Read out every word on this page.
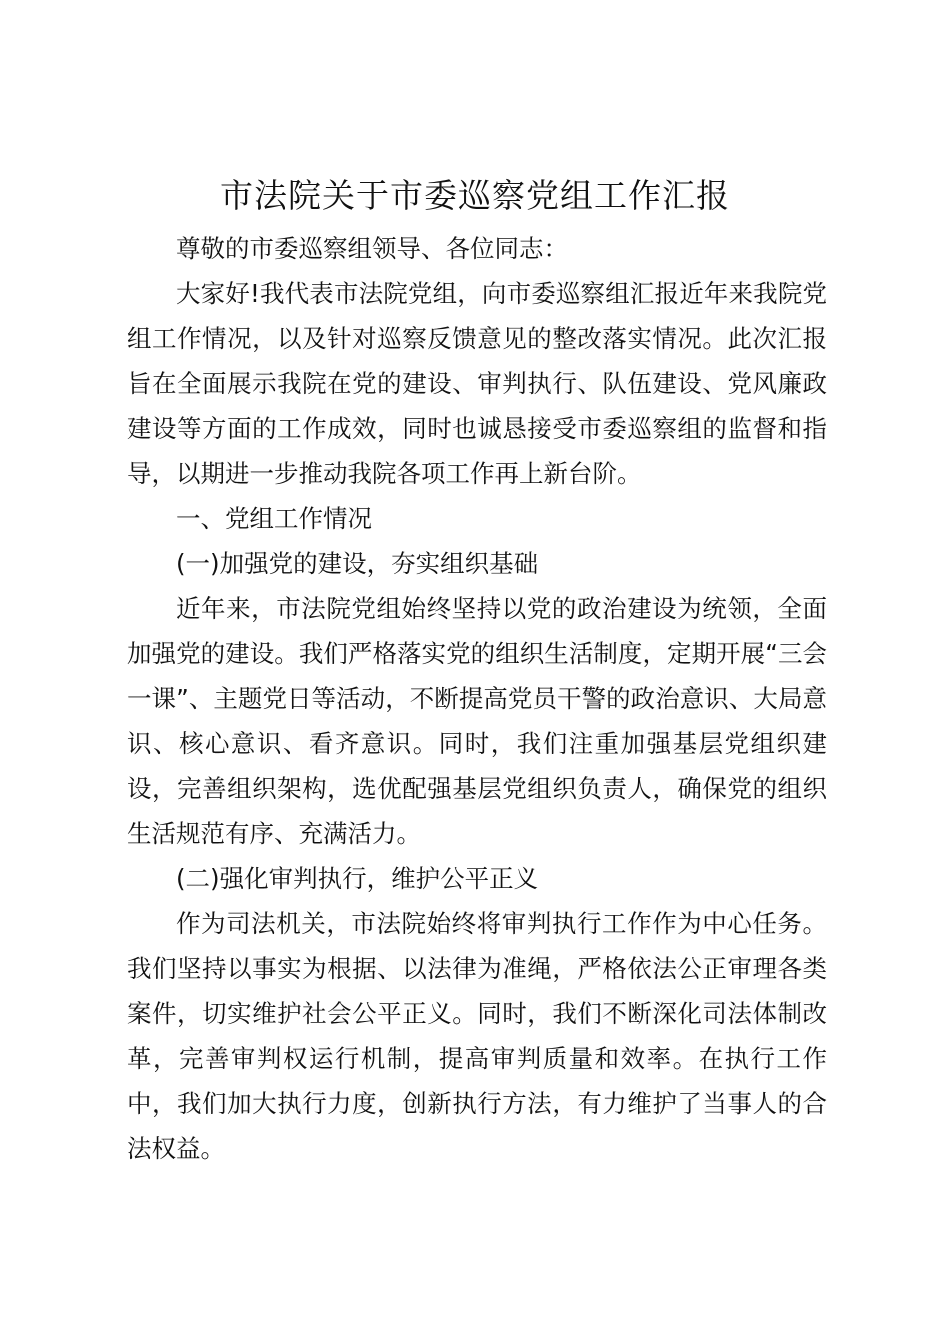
市法院关于市委巡察党组工作汇报

尊敬的市委巡察组领导、各位同志：

大家好!我代表市法院党组，向市委巡察组汇报近年来我院党组工作情况，以及针对巡察反馈意见的整改落实情况。此次汇报旨在全面展示我院在党的建设、审判执行、队伍建设、党风廉政建设等方面的工作成效，同时也诚恳接受市委巡察组的监督和指导，以期进一步推动我院各项工作再上新台阶。

一、党组工作情况

(一)加强党的建设，夯实组织基础

近年来，市法院党组始终坚持以党的政治建设为统领，全面加强党的建设。我们严格落实党的组织生活制度，定期开展“三会一课”、主题党日等活动，不断提高党员干警的政治意识、大局意识、核心意识、看齐意识。同时，我们注重加强基层党组织建设，完善组织架构，选优配强基层党组织负责人，确保党的组织生活规范有序、充满活力。

(二)强化审判执行，维护公平正义

作为司法机关，市法院始终将审判执行工作作为中心任务。我们坚持以事实为根据、以法律为准绳，严格依法公正审理各类案件，切实维护社会公平正义。同时，我们不断深化司法体制改革，完善审判权运行机制，提高审判质量和效率。在执行工作中，我们加大执行力度，创新执行方法，有力维护了当事人的合法权益。
